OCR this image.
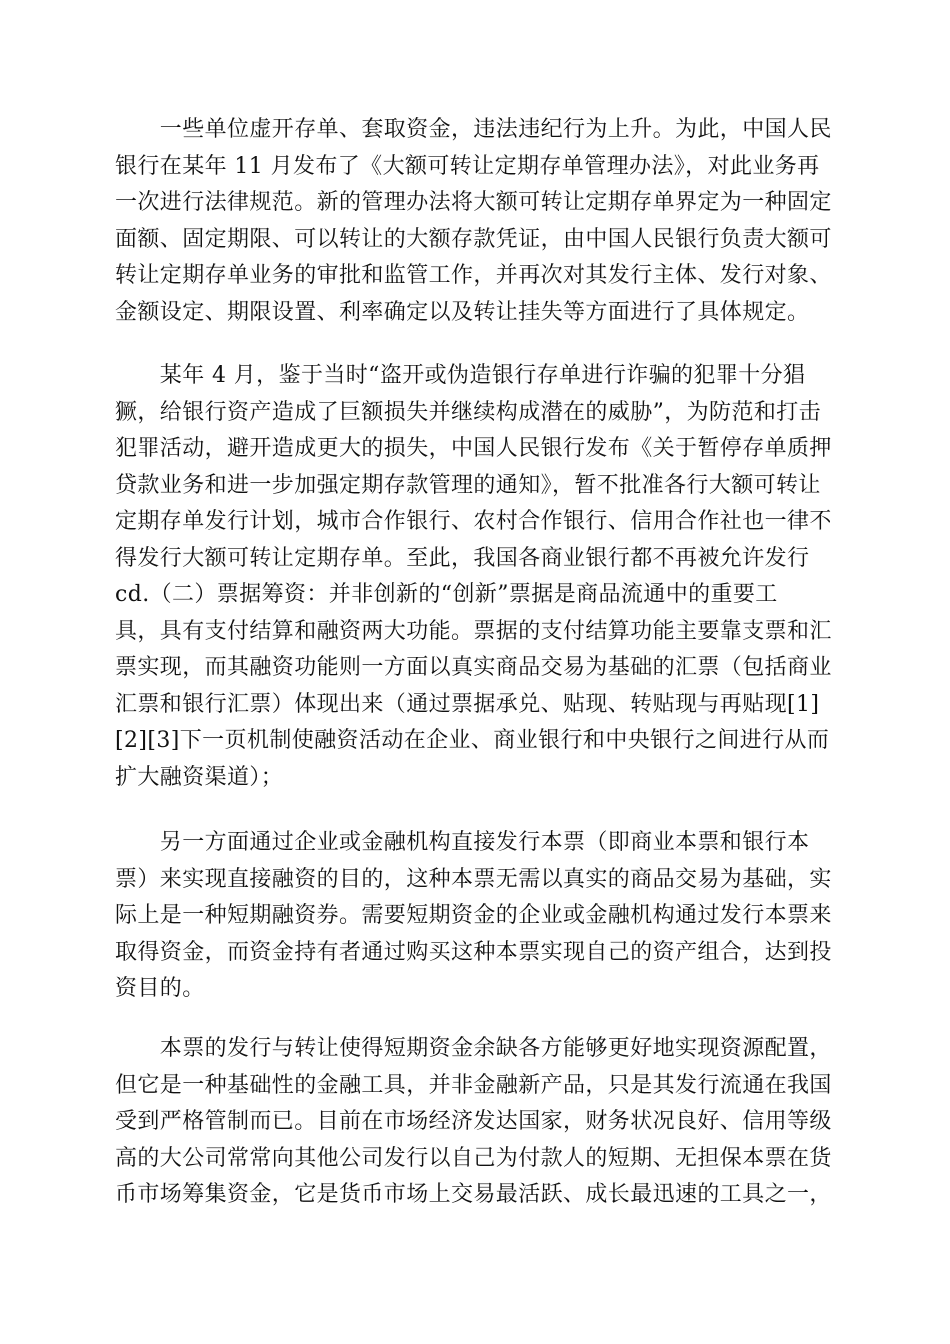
　　一些单位虚开存单、套取资金，违法违纪行为上升。为此，中国人民
银行在某年 11 月发布了《大额可转让定期存单管理办法》，对此业务再
一次进行法律规范。新的管理办法将大额可转让定期存单界定为一种固定
面额、固定期限、可以转让的大额存款凭证，由中国人民银行负责大额可
转让定期存单业务的审批和监管工作，并再次对其发行主体、发行对象、
金额设定、期限设置、利率确定以及转让挂失等方面进行了具体规定。
　　某年 4 月，鉴于当时“盗开或伪造银行存单进行诈骗的犯罪十分猖
獗，给银行资产造成了巨额损失并继续构成潜在的威胁”，为防范和打击
犯罪活动，避开造成更大的损失，中国人民银行发布《关于暂停存单质押
贷款业务和进一步加强定期存款管理的通知》，暂不批准各行大额可转让
定期存单发行计划，城市合作银行、农村合作银行、信用合作社也一律不
得发行大额可转让定期存单。至此，我国各商业银行都不再被允许发行
cd.（二）票据筹资：并非创新的“创新”票据是商品流通中的重要工
具，具有支付结算和融资两大功能。票据的支付结算功能主要靠支票和汇
票实现，而其融资功能则一方面以真实商品交易为基础的汇票（包括商业
汇票和银行汇票）体现出来（通过票据承兑、贴现、转贴现与再贴现[1]
[2][3]下一页机制使融资活动在企业、商业银行和中央银行之间进行从而
扩大融资渠道）；
　　另一方面通过企业或金融机构直接发行本票（即商业本票和银行本
票）来实现直接融资的目的，这种本票无需以真实的商品交易为基础，实
际上是一种短期融资券。需要短期资金的企业或金融机构通过发行本票来
取得资金，而资金持有者通过购买这种本票实现自己的资产组合，达到投
资目的。
　　本票的发行与转让使得短期资金余缺各方能够更好地实现资源配置，
但它是一种基础性的金融工具，并非金融新产品，只是其发行流通在我国
受到严格管制而已。目前在市场经济发达国家，财务状况良好、信用等级
高的大公司常常向其他公司发行以自己为付款人的短期、无担保本票在货
币市场筹集资金，它是货币市场上交易最活跃、成长最迅速的工具之一，
